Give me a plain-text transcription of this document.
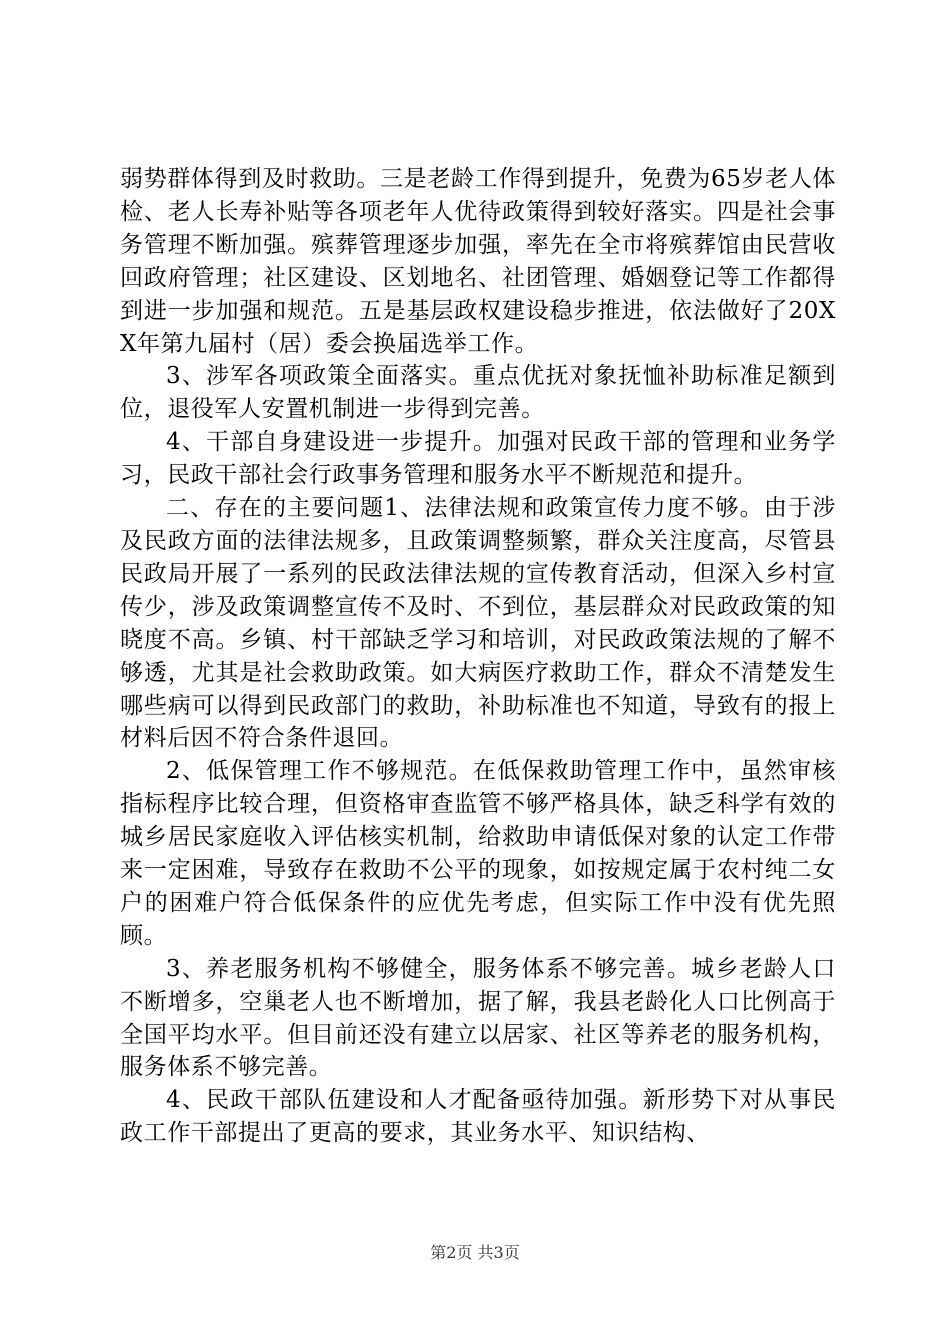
弱势群体得到及时救助。三是老龄工作得到提升，免费为65岁老人体检、老人长寿补贴等各项老年人优待政策得到较好落实。四是社会事务管理不断加强。殡葬管理逐步加强，率先在全市将殡葬馆由民营收回政府管理；社区建设、区划地名、社团管理、婚姻登记等工作都得到进一步加强和规范。五是基层政权建设稳步推进，依法做好了20XX年第九届村（居）委会换届选举工作。

3、涉军各项政策全面落实。重点优抚对象抚恤补助标准足额到位，退役军人安置机制进一步得到完善。

4、干部自身建设进一步提升。加强对民政干部的管理和业务学习，民政干部社会行政事务管理和服务水平不断规范和提升。

二、存在的主要问题1、法律法规和政策宣传力度不够。由于涉及民政方面的法律法规多，且政策调整频繁，群众关注度高，尽管县民政局开展了一系列的民政法律法规的宣传教育活动，但深入乡村宣传少，涉及政策调整宣传不及时、不到位，基层群众对民政政策的知晓度不高。乡镇、村干部缺乏学习和培训，对民政政策法规的了解不够透，尤其是社会救助政策。如大病医疗救助工作，群众不清楚发生哪些病可以得到民政部门的救助，补助标准也不知道，导致有的报上材料后因不符合条件退回。

2、低保管理工作不够规范。在低保救助管理工作中，虽然审核指标程序比较合理，但资格审查监管不够严格具体，缺乏科学有效的城乡居民家庭收入评估核实机制，给救助申请低保对象的认定工作带来一定困难，导致存在救助不公平的现象，如按规定属于农村纯二女户的困难户符合低保条件的应优先考虑，但实际工作中没有优先照顾。

3、养老服务机构不够健全，服务体系不够完善。城乡老龄人口不断增多，空巢老人也不断增加，据了解，我县老龄化人口比例高于全国平均水平。但目前还没有建立以居家、社区等养老的服务机构，服务体系不够完善。

4、民政干部队伍建设和人才配备亟待加强。新形势下对从事民政工作干部提出了更高的要求，其业务水平、知识结构、

第2页 共3页
